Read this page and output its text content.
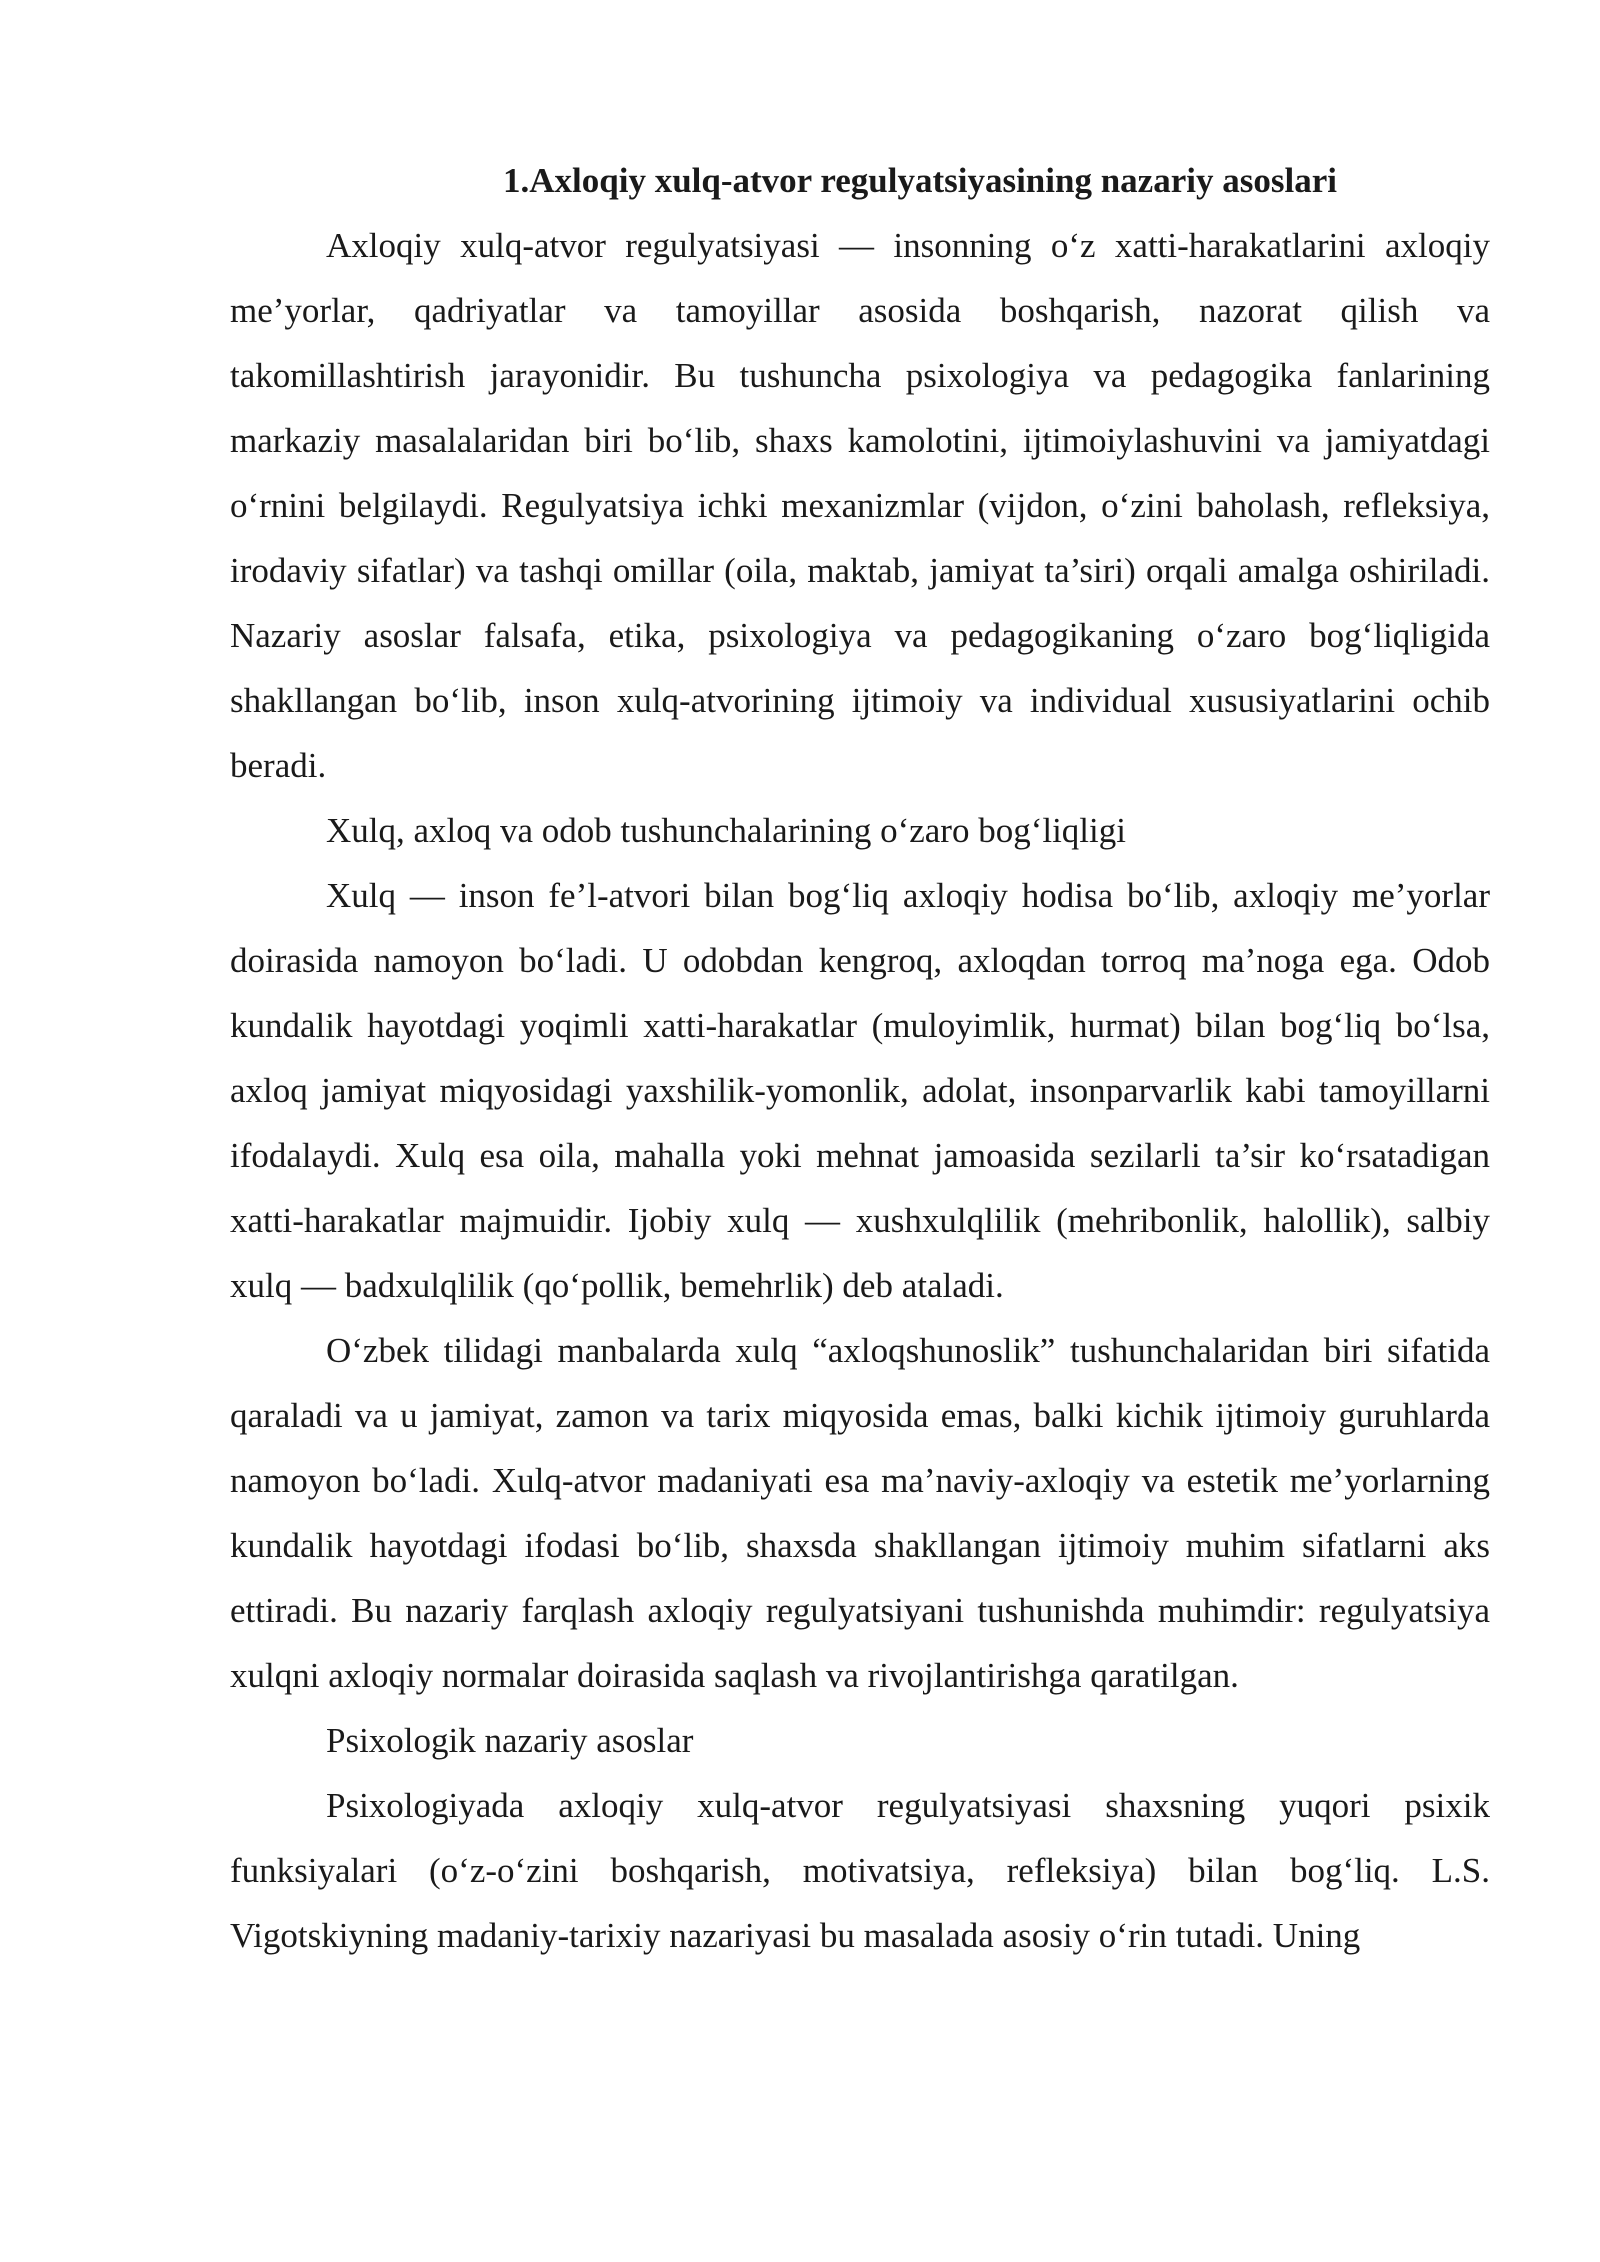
1.Axloqiy xulq-atvor regulyatsiyasining nazariy asoslari

Axloqiy xulq-atvor regulyatsiyasi — insonning o‘z xatti-harakatlarini axloqiy me’yorlar, qadriyatlar va tamoyillar asosida boshqarish, nazorat qilish va takomillashtirish jarayonidir. Bu tushuncha psixologiya va pedagogika fanlarining markaziy masalalaridan biri bo‘lib, shaxs kamolotini, ijtimoiylashuvini va jamiyatdagi o‘rnini belgilaydi. Regulyatsiya ichki mexanizmlar (vijdon, o‘zini baholash, refleksiya, irodaviy sifatlar) va tashqi omillar (oila, maktab, jamiyat ta’siri) orqali amalga oshiriladi. Nazariy asoslar falsafa, etika, psixologiya va pedagogikaning o‘zaro bog‘liqligida shakllangan bo‘lib, inson xulq-atvorining ijtimoiy va individual xususiyatlarini ochib beradi.

Xulq, axloq va odob tushunchalarining o‘zaro bog‘liqligi

Xulq — inson fe’l-atvori bilan bog‘liq axloqiy hodisa bo‘lib, axloqiy me’yorlar doirasida namoyon bo‘ladi. U odobdan kengroq, axloqdan torroq ma’noga ega. Odob kundalik hayotdagi yoqimli xatti-harakatlar (muloyimlik, hurmat) bilan bog‘liq bo‘lsa, axloq jamiyat miqyosidagi yaxshilik-yomonlik, adolat, insonparvarlik kabi tamoyillarni ifodalaydi. Xulq esa oila, mahalla yoki mehnat jamoasida sezilarli ta’sir ko‘rsatadigan xatti-harakatlar majmuidir. Ijobiy xulq — xushxulqlilik (mehribonlik, halollik), salbiy xulq — badxulqlilik (qo‘pollik, bemehrlik) deb ataladi.

O‘zbek tilidagi manbalarda xulq “axloqshunoslik” tushunchalaridan biri sifatida qaraladi va u jamiyat, zamon va tarix miqyosida emas, balki kichik ijtimoiy guruhlarda namoyon bo‘ladi. Xulq-atvor madaniyati esa ma’naviy-axloqiy va estetik me’yorlarning kundalik hayotdagi ifodasi bo‘lib, shaxsda shakllangan ijtimoiy muhim sifatlarni aks ettiradi. Bu nazariy farqlash axloqiy regulyatsiyani tushunishda muhimdir: regulyatsiya xulqni axloqiy normalar doirasida saqlash va rivojlantirishga qaratilgan.

Psixologik nazariy asoslar

Psixologiyada axloqiy xulq-atvor regulyatsiyasi shaxsning yuqori psixik funksiyalari (o‘z-o‘zini boshqarish, motivatsiya, refleksiya) bilan bog‘liq. L.S. Vigotskiyning madaniy-tarixiy nazariyasi bu masalada asosiy o‘rin tutadi. Uning
